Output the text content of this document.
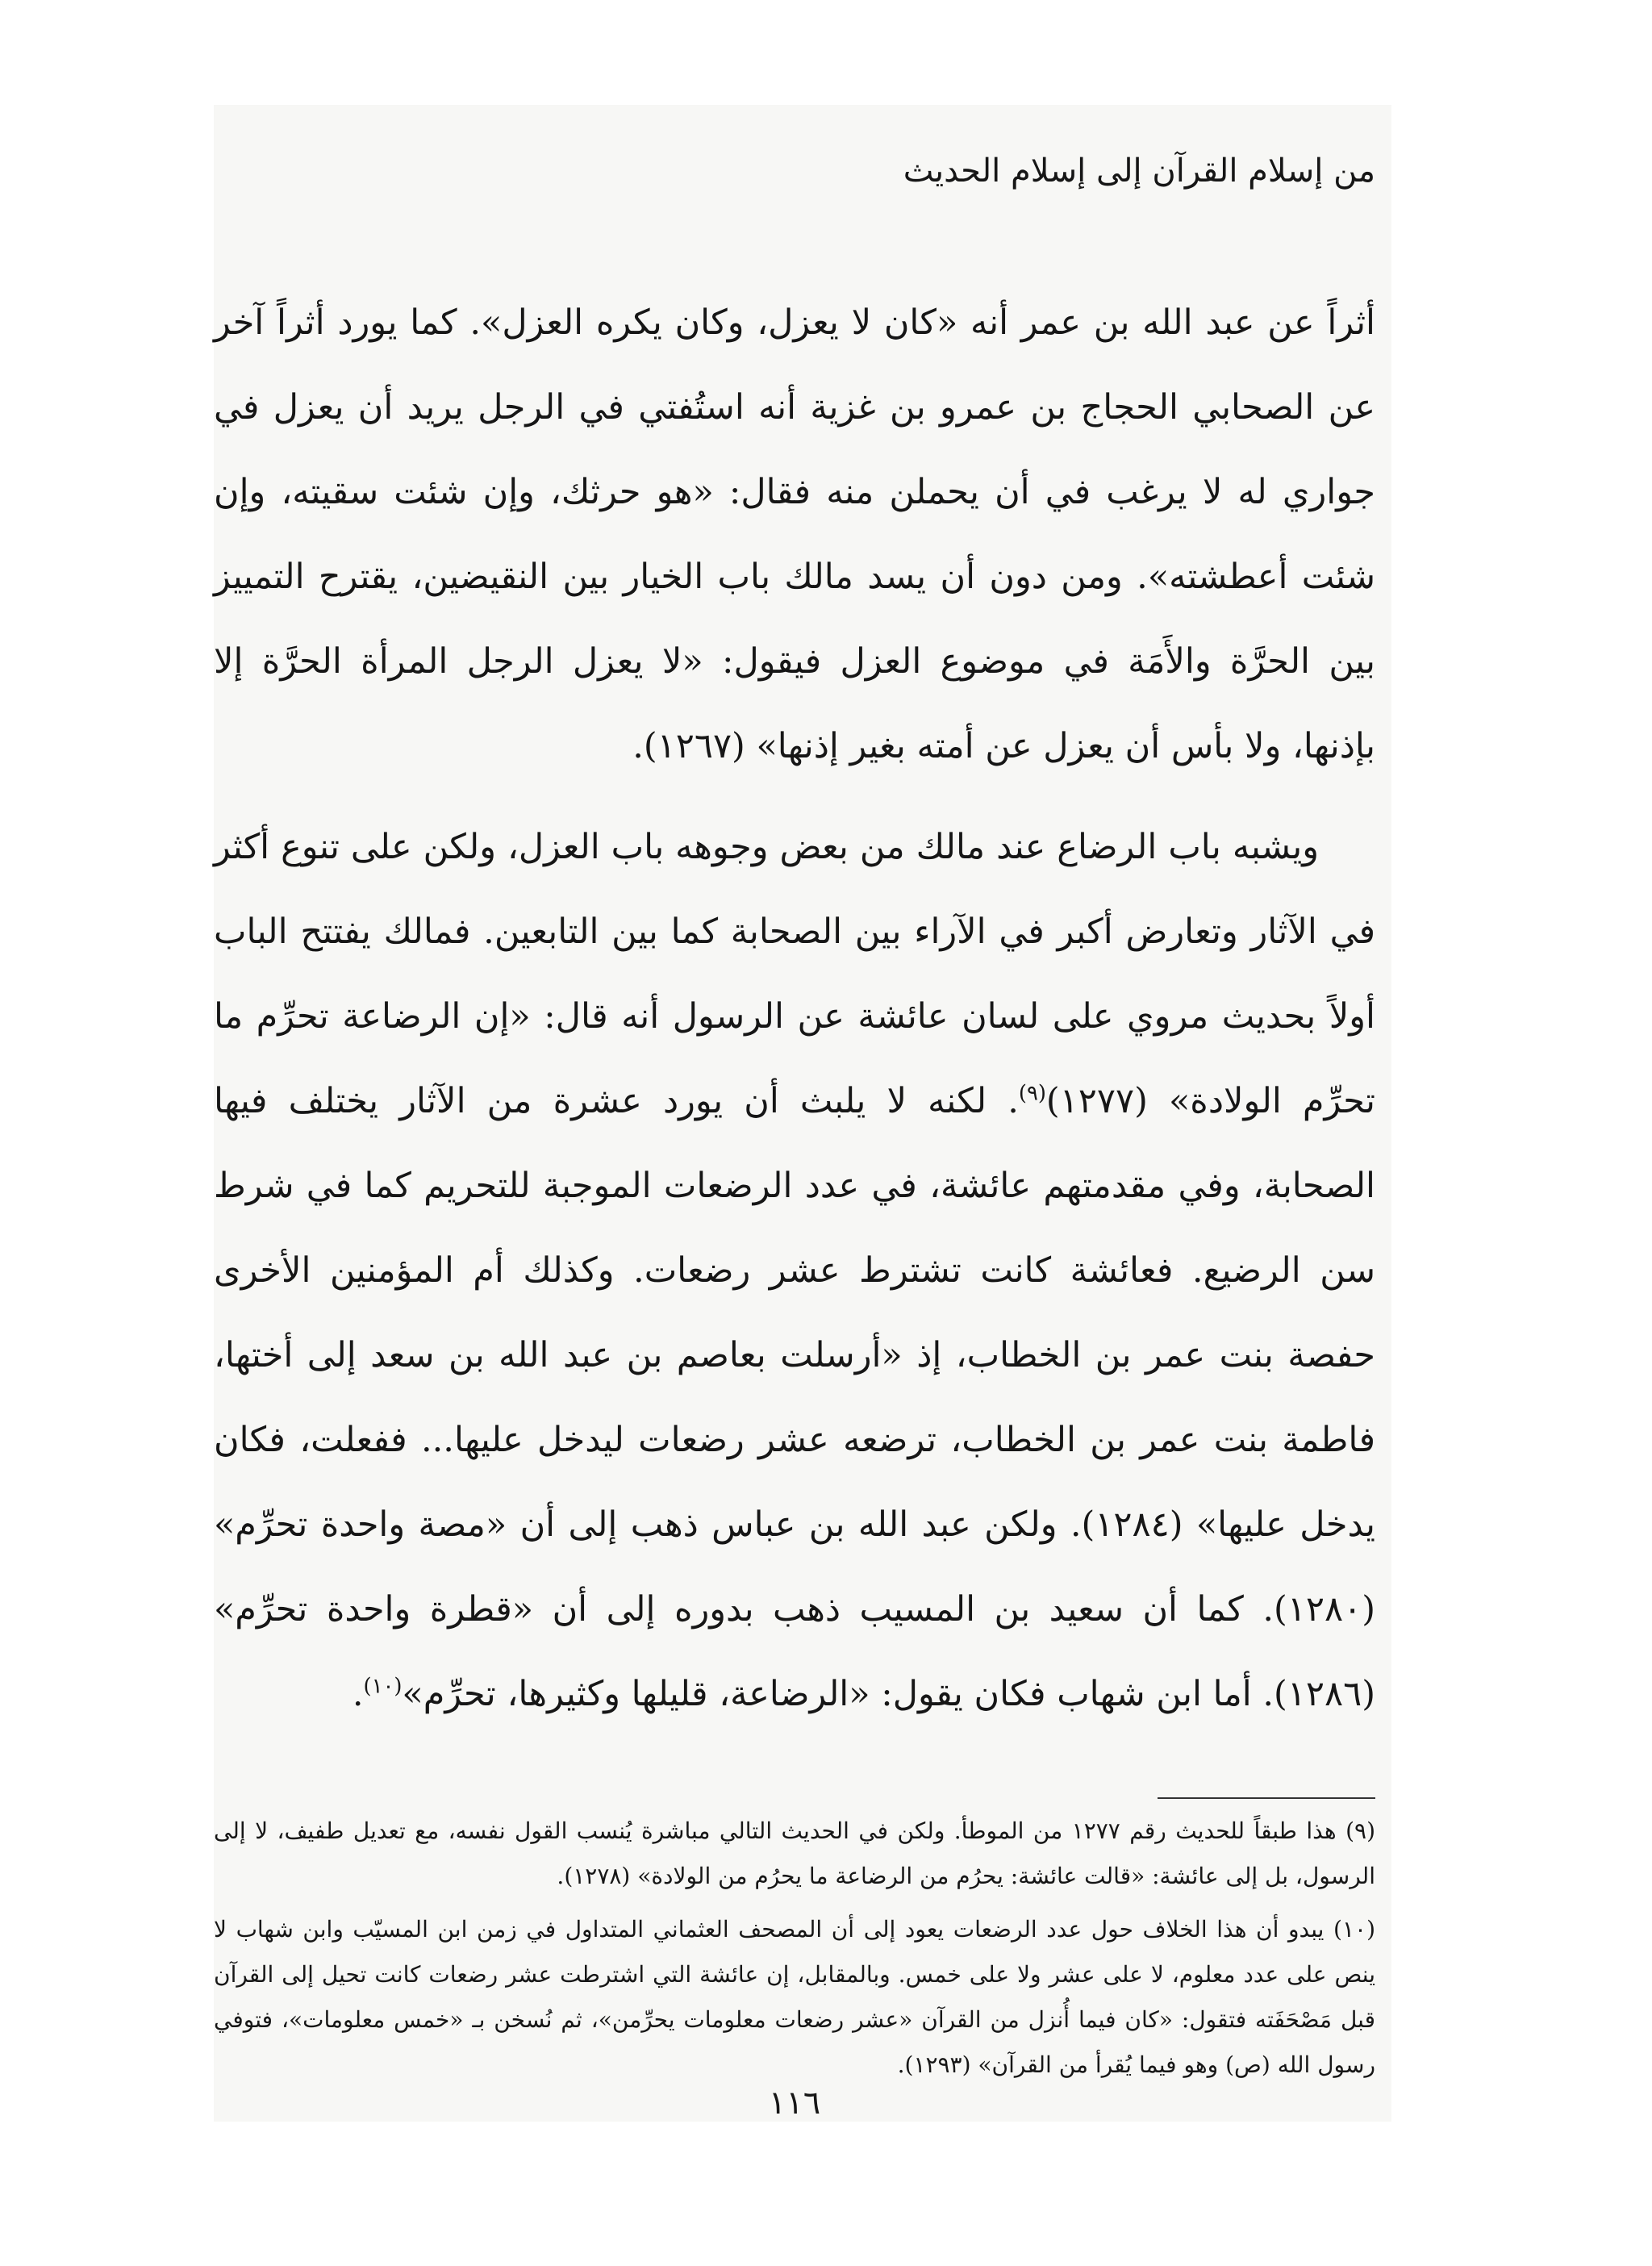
من إسلام القرآن إلى إسلام الحديث

أثراً عن عبد الله بن عمر أنه «كان لا يعزل، وكان يكره العزل». كما يورد أثراً آخر عن الصحابي الحجاج بن عمرو بن غزية أنه استُفتي في الرجل يريد أن يعزل في جواري له لا يرغب في أن يحملن منه فقال: «هو حرثك، وإن شئت سقيته، وإن شئت أعطشته». ومن دون أن يسد مالك باب الخيار بين النقيضين، يقترح التمييز بين الحرَّة والأَمَة في موضوع العزل فيقول: «لا يعزل الرجل المرأة الحرَّة إلا بإذنها، ولا بأس أن يعزل عن أمته بغير إذنها» (١٢٦٧).

ويشبه باب الرضاع عند مالك من بعض وجوهه باب العزل، ولكن على تنوع أكثر في الآثار وتعارض أكبر في الآراء بين الصحابة كما بين التابعين. فمالك يفتتح الباب أولاً بحديث مروي على لسان عائشة عن الرسول أنه قال: «إن الرضاعة تحرِّم ما تحرِّم الولادة» (١٢٧٧)$^{(٩)}$. لكنه لا يلبث أن يورد عشرة من الآثار يختلف فيها الصحابة، وفي مقدمتهم عائشة، في عدد الرضعات الموجبة للتحريم كما في شرط سن الرضيع. فعائشة كانت تشترط عشر رضعات. وكذلك أم المؤمنين الأخرى حفصة بنت عمر بن الخطاب، إذ «أرسلت بعاصم بن عبد الله بن سعد إلى أختها، فاطمة بنت عمر بن الخطاب، ترضعه عشر رضعات ليدخل عليها... ففعلت، فكان يدخل عليها» (١٢٨٤). ولكن عبد الله بن عباس ذهب إلى أن «مصة واحدة تحرِّم» (١٢٨٠). كما أن سعيد بن المسيب ذهب بدوره إلى أن «قطرة واحدة تحرِّم» (١٢٨٦). أما ابن شهاب فكان يقول: «الرضاعة، قليلها وكثيرها، تحرِّم»$^{(١٠)}$.

(٩) هذا طبقاً للحديث رقم ١٢٧٧ من الموطأ. ولكن في الحديث التالي مباشرة يُنسب القول نفسه، مع تعديل طفيف، لا إلى الرسول، بل إلى عائشة: «قالت عائشة: يحرُم من الرضاعة ما يحرُم من الولادة» (١٢٧٨).

(١٠) يبدو أن هذا الخلاف حول عدد الرضعات يعود إلى أن المصحف العثماني المتداول في زمن ابن المسيّب وابن شهاب لا ينص على عدد معلوم، لا على عشر ولا على خمس. وبالمقابل، إن عائشة التي اشترطت عشر رضعات كانت تحيل إلى القرآن قبل مَصْحَفَته فتقول: «كان فيما أُنزل من القرآن «عشر رضعات معلومات يحرِّمن»، ثم نُسخن بـ «خمس معلومات»، فتوفي رسول الله (ص) وهو فيما يُقرأ من القرآن» (١٢٩٣).

١١٦
